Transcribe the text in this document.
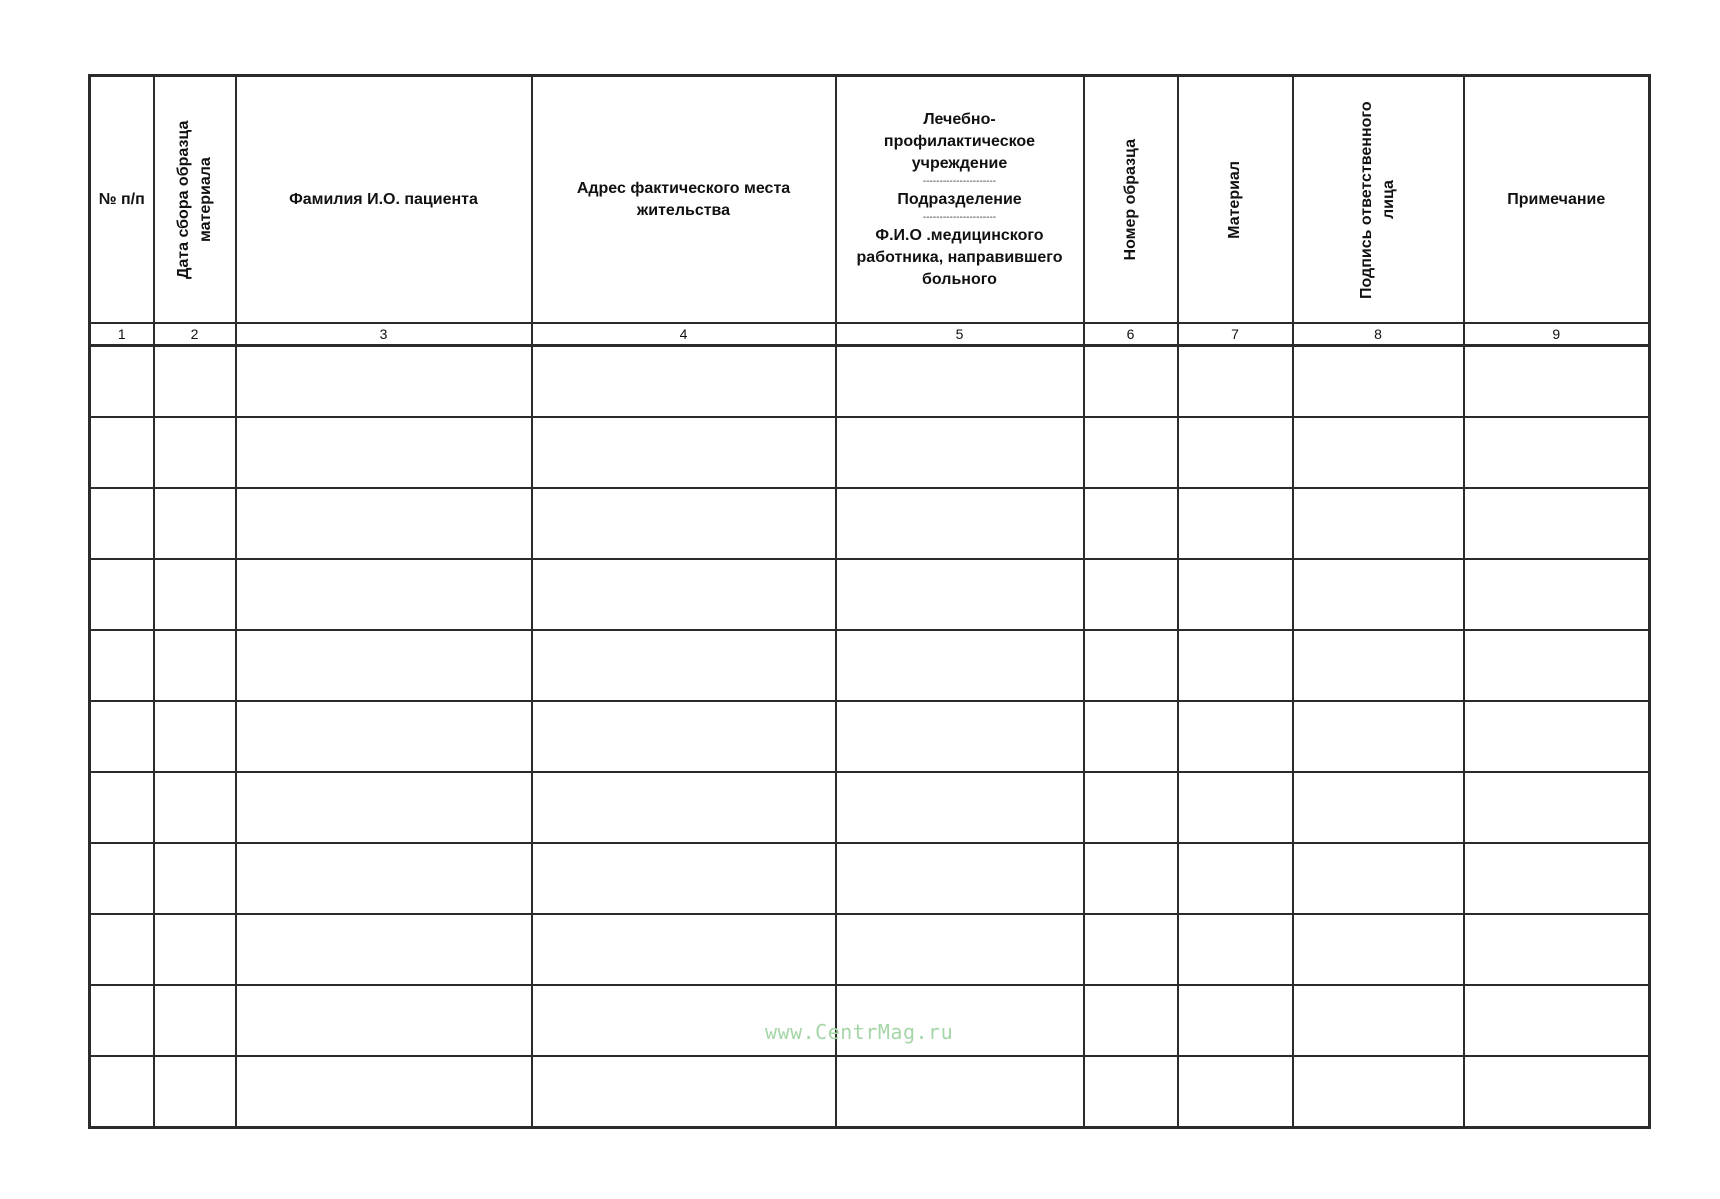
№ п/п	Дата сбора образца материала	Фамилия И.О. пациента	Адрес фактического места жительства	Лечебно-профилактическое учреждение
----------------------
Подразделение
----------------------
Ф.И.О .медицинского работника, направившего больного	Номер образца	Материал	Подпись ответственного лица	Примечание
1	2	3	4	5	6	7	8	9

www.CentrMag.ru
